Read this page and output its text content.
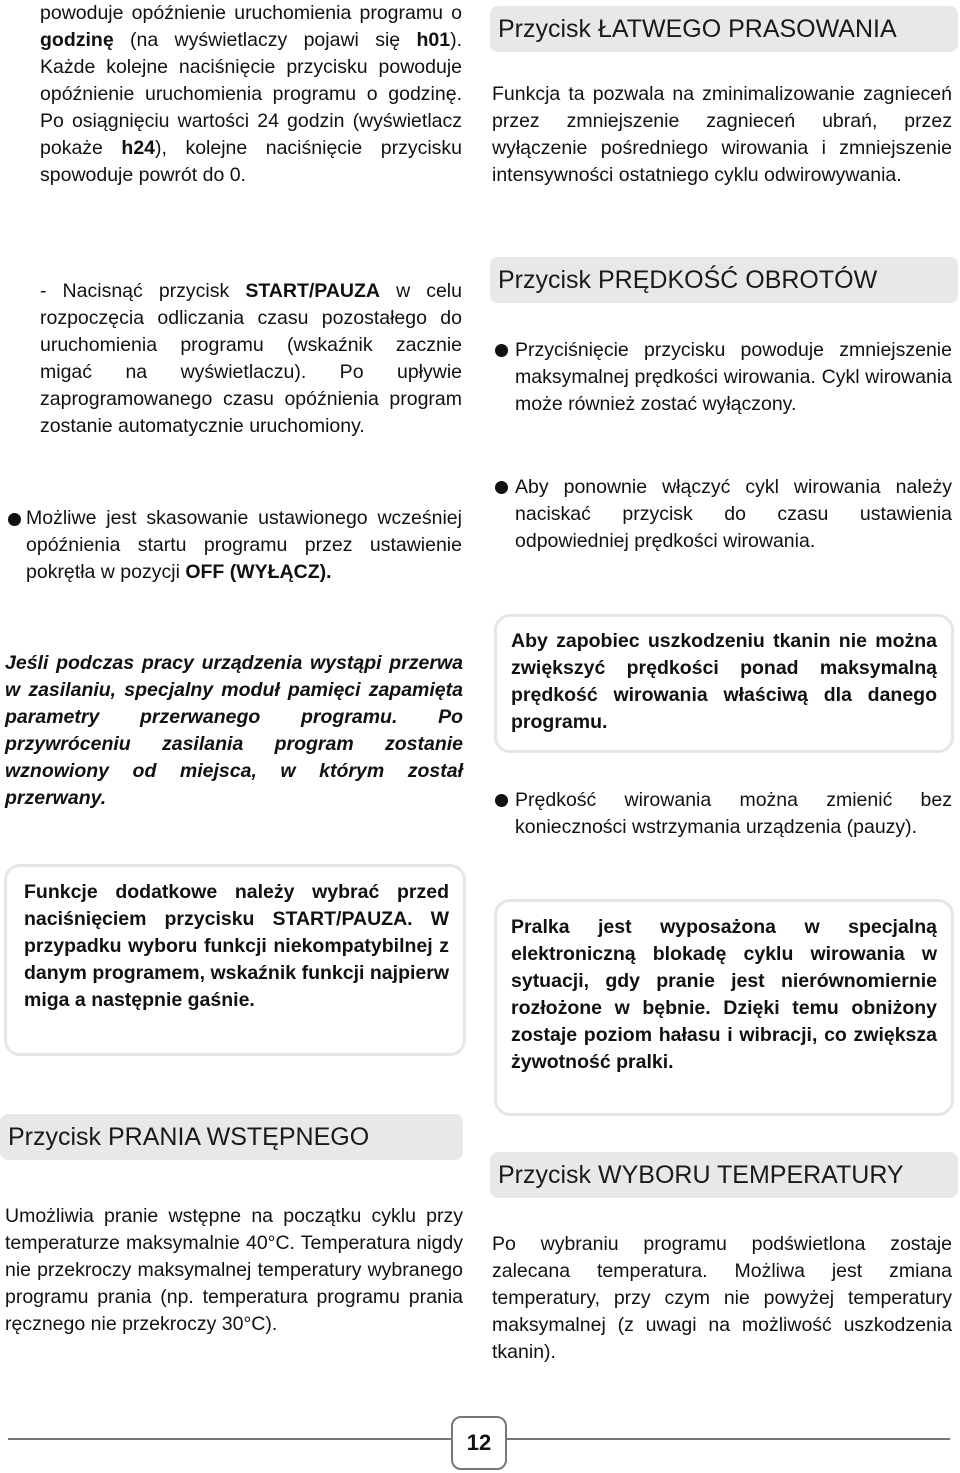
powoduje opóźnienie uruchomienia programu o godzinę (na wyświetlaczy pojawi się h01). Każde kolejne naciśnięcie przycisku powoduje opóźnienie uruchomienia programu o godzinę. Po osiągnięciu wartości 24 godzin (wyświetlacz pokaże h24), kolejne naciśnięcie przycisku spowoduje powrót do 0.

- Nacisnąć przycisk START/PAUZA w celu rozpoczęcia odliczania czasu pozostałego do uruchomienia programu (wskaźnik zacznie migać na wyświetlaczu). Po upływie zaprogramowanego czasu opóźnienia program zostanie automatycznie uruchomiony.

Możliwe jest skasowanie ustawionego wcześniej opóźnienia startu programu przez ustawienie pokrętła w pozycji OFF (WYŁĄCZ).

Jeśli podczas pracy urządzenia wystąpi przerwa w zasilaniu, specjalny moduł pamięci zapamięta parametry przerwanego programu. Po przywróceniu zasilania program zostanie wznowiony od miejsca, w którym został przerwany.

Funkcje dodatkowe należy wybrać przed naciśnięciem przycisku START/PAUZA. W przypadku wyboru funkcji niekompatybilnej z danym programem, wskaźnik funkcji najpierw miga a następnie gaśnie.

Przycisk PRANIA WSTĘPNEGO

Umożliwia pranie wstępne na początku cyklu przy temperaturze maksymalnie 40°C. Temperatura nigdy nie przekroczy maksymalnej temperatury wybranego programu prania (np. temperatura programu prania ręcznego nie przekroczy 30°C).

Przycisk ŁATWEGO PRASOWANIA

Funkcja ta pozwala na zminimalizowanie zagnieceń przez zmniejszenie zagnieceń ubrań, przez wyłączenie pośredniego wirowania i zmniejszenie intensywności ostatniego cyklu odwirowywania.

Przycisk PRĘDKOŚĆ OBROTÓW

Przyciśnięcie przycisku powoduje zmniejszenie maksymalnej prędkości wirowania. Cykl wirowania może również zostać wyłączony.

Aby ponownie włączyć cykl wirowania należy naciskać przycisk do czasu ustawienia odpowiedniej prędkości wirowania.

Aby zapobiec uszkodzeniu tkanin nie można zwiększyć prędkości ponad maksymalną prędkość wirowania właściwą dla danego programu.

Prędkość wirowania można zmienić bez konieczności wstrzymania urządzenia (pauzy).

Pralka jest wyposażona w specjalną elektroniczną blokadę cyklu wirowania w sytuacji, gdy pranie jest nierównomiernie rozłożone w bębnie. Dzięki temu obniżony zostaje poziom hałasu i wibracji, co zwiększa żywotność pralki.

Przycisk WYBORU TEMPERATURY

Po wybraniu programu podświetlona zostaje zalecana temperatura. Możliwa jest zmiana temperatury, przy czym nie powyżej temperatury maksymalnej (z uwagi na możliwość uszkodzenia tkanin).

12
